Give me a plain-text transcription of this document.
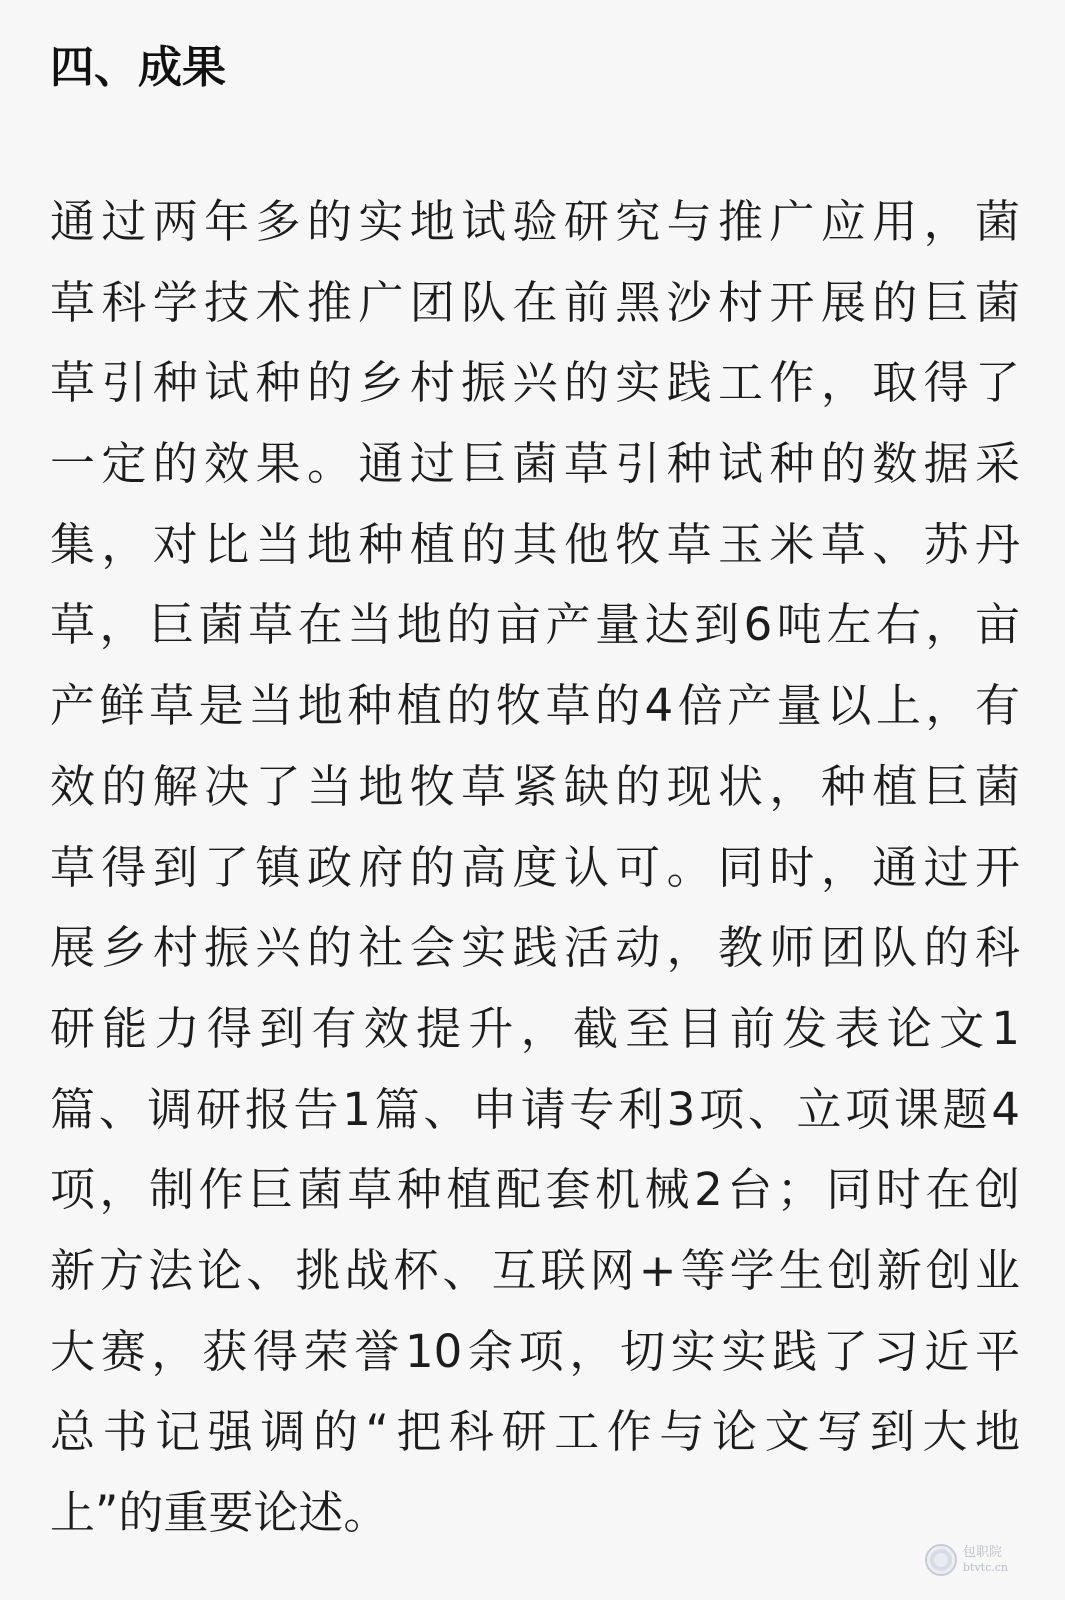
四、成果
通过两年多的实地试验研究与推广应用，菌
草科学技术推广团队在前黑沙村开展的巨菌
草引种试种的乡村振兴的实践工作，取得了
一定的效果。通过巨菌草引种试种的数据采
集，对比当地种植的其他牧草玉米草、苏丹
草，巨菌草在当地的亩产量达到6吨左右，亩
产鲜草是当地种植的牧草的4倍产量以上，有
效的解决了当地牧草紧缺的现状，种植巨菌
草得到了镇政府的高度认可。同时，通过开
展乡村振兴的社会实践活动，教师团队的科
研能力得到有效提升，截至目前发表论文1
篇、调研报告1篇、申请专利3项、立项课题4
项，制作巨菌草种植配套机械2台；同时在创
新方法论、挑战杯、互联网+等学生创新创业
大赛，获得荣誉10余项，切实实践了习近平
总书记强调的“把科研工作与论文写到大地
上”的重要论述。
包职院
btvtc.cn
